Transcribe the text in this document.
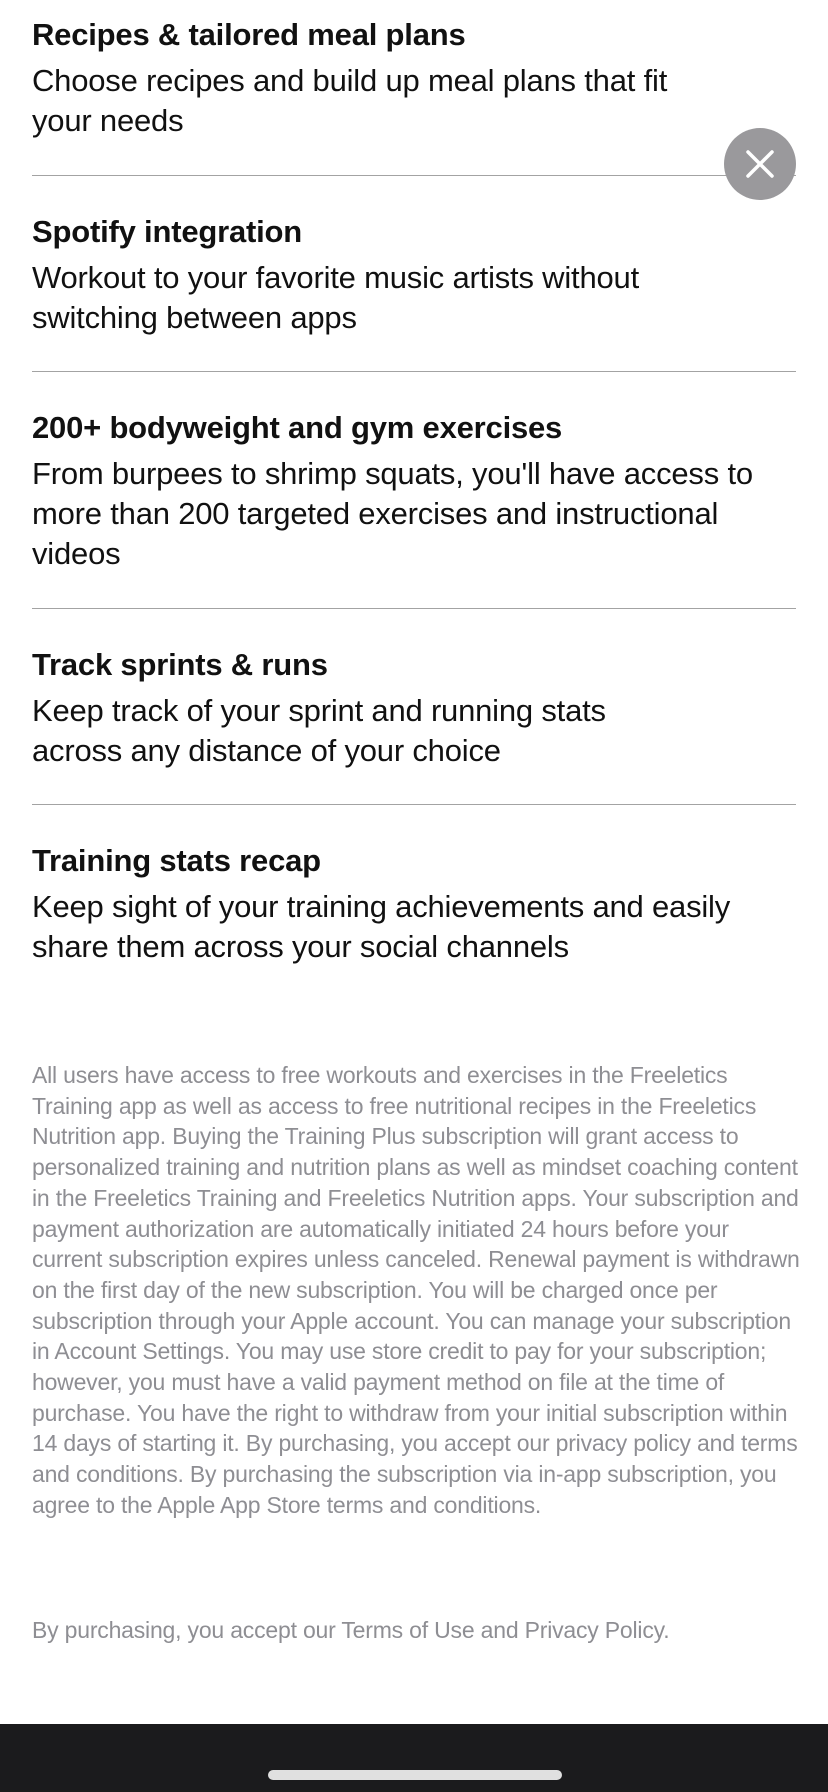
Recipes & tailored meal plans

Choose recipes and build up meal plans that fit your needs

Spotify integration

Workout to your favorite music artists without switching between apps

200+ bodyweight and gym exercises

From burpees to shrimp squats, you'll have access to more than 200 targeted exercises and instructional videos

Track sprints & runs

Keep track of your sprint and running stats across any distance of your choice

Training stats recap

Keep sight of your training achievements and easily share them across your social channels

All users have access to free workouts and exercises in the Freeletics Training app as well as access to free nutritional recipes in the Freeletics Nutrition app. Buying the Training Plus subscription will grant access to personalized training and nutrition plans as well as mindset coaching content in the Freeletics Training and Freeletics Nutrition apps. Your subscription and payment authorization are automatically initiated 24 hours before your current subscription expires unless canceled. Renewal payment is withdrawn on the first day of the new subscription. You will be charged once per subscription through your Apple account. You can manage your subscription in Account Settings. You may use store credit to pay for your subscription; however, you must have a valid payment method on file at the time of purchase. You have the right to withdraw from your initial subscription within 14 days of starting it. By purchasing, you accept our privacy policy and terms and conditions. By purchasing the subscription via in-app subscription, you agree to the Apple App Store terms and conditions.

By purchasing, you accept our Terms of Use and Privacy Policy.
